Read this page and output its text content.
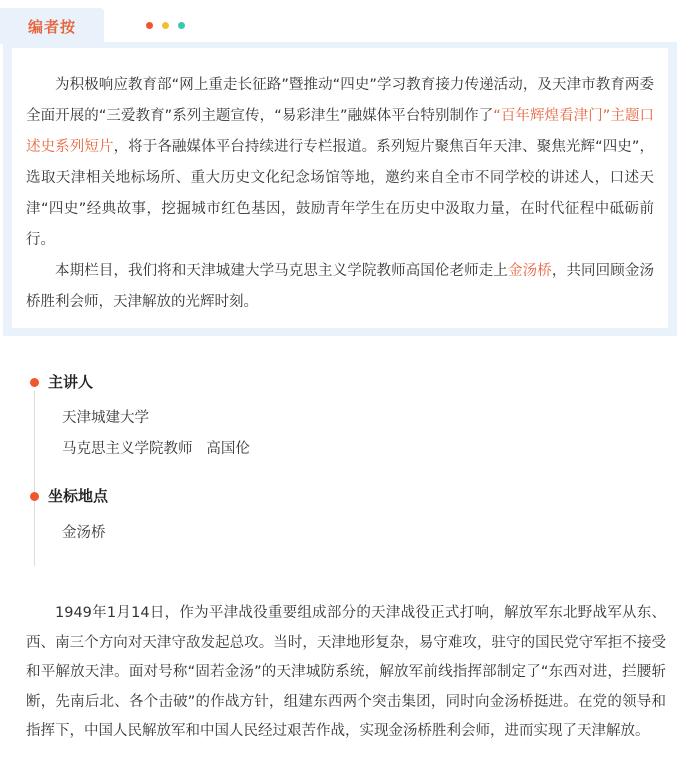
编者按

为积极响应教育部“网上重走长征路”暨推动“四史”学习教育接力传递活动，及天津市教育两委全面开展的“三爱教育”系列主题宣传，“易彩津生”融媒体平台特别制作了“百年辉煌看津门”主题口述史系列短片，将于各融媒体平台持续进行专栏报道。系列短片聚焦百年天津、聚焦光辉“四史”，选取天津相关地标场所、重大历史文化纪念场馆等地，邀约来自全市不同学校的讲述人，口述天津“四史”经典故事，挖掘城市红色基因，鼓励青年学生在历史中汲取力量，在时代征程中砥砺前行。

本期栏目，我们将和天津城建大学马克思主义学院教师高国伦老师走上金汤桥，共同回顾金汤桥胜利会师，天津解放的光辉时刻。

主讲人
天津城建大学
马克思主义学院教师   高国伦
坐标地点
金汤桥

1949年1月14日，作为平津战役重要组成部分的天津战役正式打响，解放军东北野战军从东、西、南三个方向对天津守敌发起总攻。当时，天津地形复杂，易守难攻，驻守的国民党守军拒不接受和平解放天津。面对号称“固若金汤”的天津城防系统，解放军前线指挥部制定了“东西对进，拦腰斩断，先南后北、各个击破”的作战方针，组建东西两个突击集团，同时向金汤桥挺进。在党的领导和指挥下，中国人民解放军和中国人民经过艰苦作战，实现金汤桥胜利会师，进而实现了天津解放。
